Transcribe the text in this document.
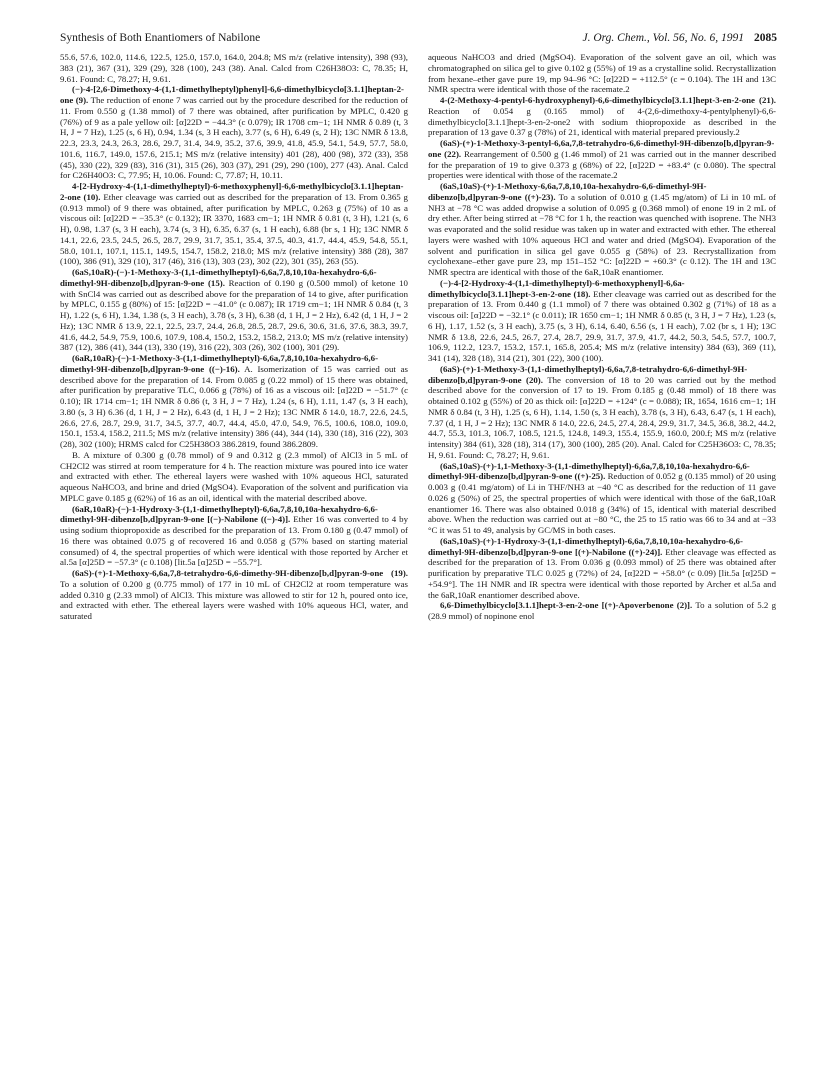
Synthesis of Both Enantiomers of Nabilone	J. Org. Chem., Vol. 56, No. 6, 1991 2085

55.6, 57.6, 102.0, 114.6, 122.5, 125.0, 157.0, 164.0, 204.8; MS m/z (relative intensity), 398 (93), 383 (21), 367 (31), 329 (29), 328 (100), 243 (38). Anal. Calcd from C26H38O3: C, 78.35; H, 9.61. Found: C, 78.27; H, 9.61.

(−)-4-[2,6-Dimethoxy-4-(1,1-dimethylheptyl)phenyl]-6,6-dimethylbicyclo[3.1.1]heptan-2-one (9). The reduction of enone 7 was carried out by the procedure described for the reduction of 11. From 0.550 g (1.38 mmol) of 7 there was obtained, after purification by MPLC, 0.420 g (76%) of 9 as a pale yellow oil: [α]22D = −44.3° (c 0.079); IR 1708 cm−1; 1H NMR δ 0.89 (t, 3 H, J = 7 Hz), 1.25 (s, 6 H), 0.94, 1.34 (s, 3 H each), 3.77 (s, 6 H), 6.49 (s, 2 H); 13C NMR δ 13.8, 22.3, 23.3, 24.3, 26.3, 28.6, 29.7, 31.4, 34.9, 35.2, 37.6, 39.9, 41.8, 45.9, 54.1, 54.9, 57.7, 58.0, 101.6, 116.7, 149.0, 157.6, 215.1; MS m/z (relative intensity) 401 (28), 400 (98), 372 (33), 358 (45), 330 (22), 329 (83), 316 (31), 315 (26), 303 (37), 291 (29), 290 (100), 277 (43). Anal. Calcd for C26H40O3: C, 77.95; H, 10.06. Found: C, 77.87; H, 10.11.

4-[2-Hydroxy-4-(1,1-dimethylheptyl)-6-methoxyphenyl]-6,6-methylbicyclo[3.1.1]heptan-2-one (10). Ether cleavage was carried out as described for the preparation of 13. From 0.365 g (0.913 mmol) of 9 there was obtained, after purification by MPLC, 0.263 g (75%) of 10 as a viscous oil: [α]22D = −35.3° (c 0.132); IR 3370, 1683 cm−1; 1H NMR δ 0.81 (t, 3 H), 1.21 (s, 6 H), 0.98, 1.37 (s, 3 H each), 3.74 (s, 3 H), 6.35, 6.37 (s, 1 H each), 6.88 (br s, 1 H); 13C NMR δ 14.1, 22.6, 23.5, 24.5, 26.5, 28.7, 29.9, 31.7, 35.1, 35.4, 37.5, 40.3, 41.7, 44.4, 45.9, 54.8, 55.1, 58.0, 101.1, 107.1, 115.1, 149.5, 154.7, 158.2, 218.0; MS m/z (relative intensity) 388 (28), 387 (100), 386 (91), 329 (10), 317 (46), 316 (13), 303 (23), 302 (22), 301 (35), 263 (55).

(6aS,10aR)-(−)-1-Methoxy-3-(1,1-dimethylheptyl)-6,6a,7,8,10,10a-hexahydro-6,6-dimethyl-9H-dibenzo[b,d]pyran-9-one (15). Reaction of 0.190 g (0.500 mmol) of ketone 10 with SnCl4 was carried out as described above for the preparation of 14 to give, after purification by MPLC, 0.155 g (80%) of 15: [α]22D = −41.0° (c 0.087); IR 1719 cm−1; 1H NMR δ 0.84 (t, 3 H), 1.22 (s, 6 H), 1.34, 1.38 (s, 3 H each), 3.78 (s, 3 H), 6.38 (d, 1 H, J = 2 Hz), 6.42 (d, 1 H, J = 2 Hz); 13C NMR δ 13.9, 22.1, 22.5, 23.7, 24.4, 26.8, 28.5, 28.7, 29.6, 30.6, 31.6, 37.6, 38.3, 39.7, 41.6, 44.2, 54.9, 75.9, 100.6, 107.9, 108.4, 150.2, 153.2, 158.2, 213.0; MS m/z (relative intensity) 387 (12), 386 (41), 344 (13), 330 (19), 316 (22), 303 (26), 302 (100), 301 (29).

(6aR,10aR)-(−)-1-Methoxy-3-(1,1-dimethylheptyl)-6,6a,7,8,10,10a-hexahydro-6,6-dimethyl-9H-dibenzo[b,d]pyran-9-one ((−)-16). A. Isomerization of 15 was carried out as described above for the preparation of 14. From 0.085 g (0.22 mmol) of 15 there was obtained, after purification by preparative TLC, 0.066 g (78%) of 16 as a viscous oil: [α]22D = −51.7° (c 0.10); IR 1714 cm−1; 1H NMR δ 0.86 (t, 3 H, J = 7 Hz), 1.24 (s, 6 H), 1.11, 1.47 (s, 3 H each), 3.80 (s, 3 H) 6.36 (d, 1 H, J = 2 Hz), 6.43 (d, 1 H, J = 2 Hz); 13C NMR δ 14.0, 18.7, 22.6, 24.5, 26.6, 27.6, 28.7, 29.9, 31.7, 34.5, 37.7, 40.7, 44.4, 45.0, 47.0, 54.9, 76.5, 100.6, 108.0, 109.0, 150.1, 153.4, 158.2, 211.5; MS m/z (relative intensity) 386 (44), 344 (14), 330 (18), 316 (22), 303 (28), 302 (100); HRMS calcd for C25H38O3 386.2819, found 386.2809.

B. A mixture of 0.300 g (0.78 mmol) of 9 and 0.312 g (2.3 mmol) of AlCl3 in 5 mL of CH2Cl2 was stirred at room temperature for 4 h. The reaction mixture was poured into ice water and extracted with ether. The ethereal layers were washed with 10% aqueous HCl, saturated aqueous NaHCO3, and brine and dried (MgSO4). Evaporation of the solvent and purification via MPLC gave 0.185 g (62%) of 16 as an oil, identical with the material described above.

(6aR,10aR)-(−)-1-Hydroxy-3-(1,1-dimethylheptyl)-6,6a,7,8,10,10a-hexahydro-6,6-dimethyl-9H-dibenzo[b,d]pyran-9-one [(−)-Nabilone ((−)-4)]. Ether 16 was converted to 4 by using sodium thiopropoxide as described for the preparation of 13. From 0.180 g (0.47 mmol) of 16 there was obtained 0.075 g of recovered 16 and 0.058 g (57% based on starting material consumed) of 4, the spectral properties of which were identical with those reported by Archer et al.5a [α]25D = −57.3° (c 0.108) [lit.5a [α]25D = −55.7°].

(6aS)-(+)-1-Methoxy-6,6a,7,8-tetrahydro-6,6-dimethy-9H-dibenzo[b,d]pyran-9-one (19). To a solution of 0.200 g (0.775 mmol) of 177 in 10 mL of CH2Cl2 at room temperature was added 0.310 g (2.33 mmol) of AlCl3. This mixture was allowed to stir for 12 h, poured onto ice, and extracted with ether. The ethereal layers were washed with 10% aqueous HCl, water, and saturated

aqueous NaHCO3 and dried (MgSO4). Evaporation of the solvent gave an oil, which was chromatographed on silica gel to give 0.102 g (55%) of 19 as a crystalline solid. Recrystallization from hexane–ether gave pure 19, mp 94–96 °C: [α]22D = +112.5° (c = 0.104). The 1H and 13C NMR spectra were identical with those of the racemate.2

4-(2-Methoxy-4-pentyl-6-hydroxyphenyl)-6,6-dimethylbicyclo[3.1.1]hept-3-en-2-one (21). Reaction of 0.054 g (0.165 mmol) of 4-(2,6-dimethoxy-4-pentylphenyl)-6,6-dimethylbicyclo[3.1.1]hept-3-en-2-one2 with sodium thiopropoxide as described in the preparation of 13 gave 0.37 g (78%) of 21, identical with material prepared previously.2

(6aS)-(+)-1-Methoxy-3-pentyl-6,6a,7,8-tetrahydro-6,6-dimethyl-9H-dibenzo[b,d]pyran-9-one (22). Rearrangement of 0.500 g (1.46 mmol) of 21 was carried out in the manner described for the preparation of 19 to give 0.373 g (68%) of 22, [α]22D = +83.4° (c 0.080). The spectral properties were identical with those of the racemate.2

(6aS,10aS)-(+)-1-Methoxy-6,6a,7,8,10,10a-hexahydro-6,6-dimethyl-9H-dibenzo[b,d]pyran-9-one ((+)-23). To a solution of 0.010 g (1.45 mg/atom) of Li in 10 mL of NH3 at −78 °C was added dropwise a solution of 0.095 g (0.368 mmol) of enone 19 in 2 mL of dry ether. After being stirred at −78 °C for 1 h, the reaction was quenched with isoprene. The NH3 was evaporated and the solid residue was taken up in water and extracted with ether. The ethereal layers were washed with 10% aqueous HCl and water and dried (MgSO4). Evaporation of the solvent and purification in silica gel gave 0.055 g (58%) of 23. Recrystallization from cyclohexane–ether gave pure 23, mp 151–152 °C: [α]22D = +60.3° (c 0.12). The 1H and 13C NMR spectra are identical with those of the 6aR,10aR enantiomer.

(−)-4-[2-Hydroxy-4-(1,1-dimethylheptyl)-6-methoxyphenyl]-6,6a-dimethylbicyclo[3.1.1]hept-3-en-2-one (18). Ether cleavage was carried out as described for the preparation of 13. From 0.440 g (1.1 mmol) of 7 there was obtained 0.302 g (71%) of 18 as a viscous oil: [α]22D = −32.1° (c 0.011); IR 1650 cm−1; 1H NMR δ 0.85 (t, 3 H, J = 7 Hz), 1.23 (s, 6 H), 1.17, 1.52 (s, 3 H each), 3.75 (s, 3 H), 6.14, 6.40, 6.56 (s, 1 H each), 7.02 (br s, 1 H); 13C NMR δ 13.8, 22.6, 24.5, 26.7, 27.4, 28.7, 29.9, 31.7, 37.9, 41.7, 44.2, 50.3, 54.5, 57.7, 100.7, 106.9, 112.2, 123.7, 153.2, 157.1, 165.8, 205.4; MS m/z (relative intensity) 384 (63), 369 (11), 341 (14), 328 (18), 314 (21), 301 (22), 300 (100).

(6aS)-(+)-1-Methoxy-3-(1,1-dimethylheptyl)-6,6a,7,8-tetrahydro-6,6-dimethyl-9H-dibenzo[b,d]pyran-9-one (20). The conversion of 18 to 20 was carried out by the method described above for the conversion of 17 to 19. From 0.185 g (0.48 mmol) of 18 there was obtained 0.102 g (55%) of 20 as thick oil: [α]22D = +124° (c = 0.088); IR, 1654, 1616 cm−1; 1H NMR δ 0.84 (t, 3 H), 1.25 (s, 6 H), 1.14, 1.50 (s, 3 H each), 3.78 (s, 3 H), 6.43, 6.47 (s, 1 H each), 7.37 (d, 1 H, J = 2 Hz); 13C NMR δ 14.0, 22.6, 24.5, 27.4, 28.4, 29.9, 31.7, 34.5, 36.8, 38.2, 44.2, 44.7, 55.3, 101.3, 106.7, 108.5, 121.5, 124.8, 149.3, 155.4, 155.9, 160.0, 200.f; MS m/z (relative intensity) 384 (61), 328 (18), 314 (17), 300 (100), 285 (20). Anal. Calcd for C25H36O3: C, 78.35; H, 9.61. Found: C, 78.27; H, 9.61.

(6aS,10aS)-(+)-1,1-Methoxy-3-(1,1-dimethylheptyl)-6,6a,7,8,10,10a-hexahydro-6,6-dimethyl-9H-dibenzo[b,d]pyran-9-one ((+)-25). Reduction of 0.052 g (0.135 mmol) of 20 using 0.003 g (0.41 mg/atom) of Li in THF/NH3 at −40 °C as described for the reduction of 11 gave 0.026 g (50%) of 25, the spectral properties of which were identical with those of the 6aR,10aR enantiomer 16. There was also obtained 0.018 g (34%) of 15, identical with material described above. When the reduction was carried out at −80 °C, the 25 to 15 ratio was 66 to 34 and at −33 °C it was 51 to 49, analysis by GC/MS in both cases.

(6aS,10aS)-(+)-1-Hydroxy-3-(1,1-dimethylheptyl)-6,6a,7,8,10,10a-hexahydro-6,6-dimethyl-9H-dibenzo[b,d]pyran-9-one [(+)-Nabilone ((+)-24)]. Ether cleavage was effected as described for the preparation of 13. From 0.036 g (0.093 mmol) of 25 there was obtained after purification by preparative TLC 0.025 g (72%) of 24, [α]22D = +58.0° (c 0.09) [lit.5a [α]25D = +54.9°]. The 1H NMR and IR spectra were identical with those reported by Archer et al.5a and the 6aR,10aR enantiomer described above.

6,6-Dimethylbicyclo[3.1.1]hept-3-en-2-one [(+)-Apoverbenone (2)]. To a solution of 5.2 g (28.9 mmol) of nopinone enol
